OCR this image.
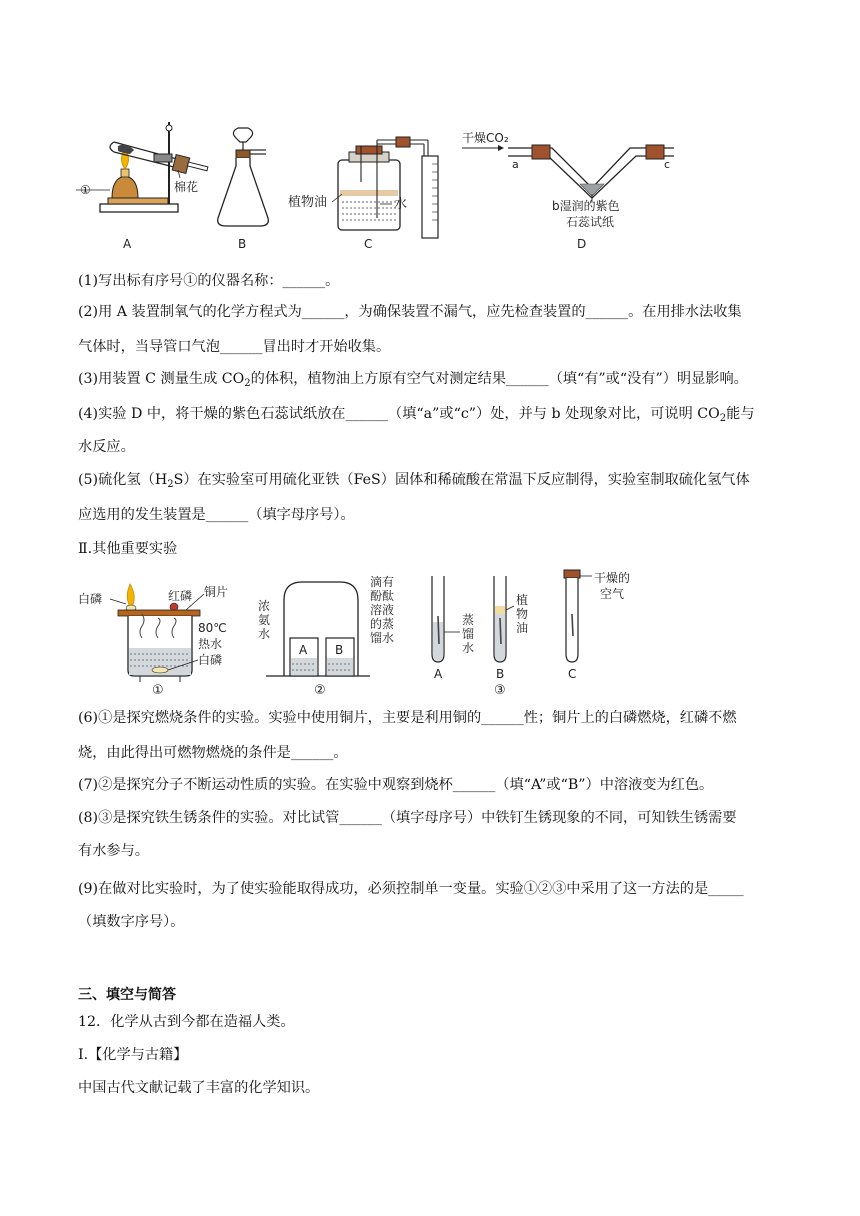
①	棉花
A	B
植物油	水
C
干燥CO₂
a	c
b湿润的紫色
石蕊试纸
D
(1)写出标有序号①的仪器名称：______。
(2)用 A 装置制氧气的化学方程式为______，为确保装置不漏气，应先检查装置的______。在用排水法收集
气体时，当导管口气泡______冒出时才开始收集。
(3)用装置 C 测量生成 $CO_2$的体积，植物油上方原有空气对测定结果______（填“有”或“没有”）明显影响。
(4)实验 D 中，将干燥的紫色石蕊试纸放在______（填“a”或“c”）处，并与 b 处现象对比，可说明 $CO_2$能与
水反应。
(5)硫化氢$(H_2S)$在实验室可用硫化亚铁（FeS）固体和稀硫酸在常温下反应制得，实验室制取硫化氢气体
应选用的发生装置是______（填字母序号）。
Ⅱ.其他重要实验
白磷	红磷 铜片
80℃
热水
白磷
①
A B
浓
氨
水
滴有
酚酞
溶液
的蒸
馏水
②
蒸
馏
水
A
植
物
油
B
③
干燥的
空气
C
(6)①是探究燃烧条件的实验。实验中使用铜片，主要是利用铜的______性；铜片上的白磷燃烧，红磷不燃
烧，由此得出可燃物燃烧的条件是______。
(7)②是探究分子不断运动性质的实验。在实验中观察到烧杯______（填“A”或“B”）中溶液变为红色。
(8)③是探究铁生锈条件的实验。对比试管______（填字母序号）中铁钉生锈现象的不同，可知铁生锈需要
有水参与。
(9)在做对比实验时，为了使实验能取得成功，必须控制单一变量。实验①②③中采用了这一方法的是_____
（填数字序号）。
三、填空与简答
12．化学从古到今都在造福人类。
Ⅰ.【化学与古籍】
中国古代文献记载了丰富的化学知识。
